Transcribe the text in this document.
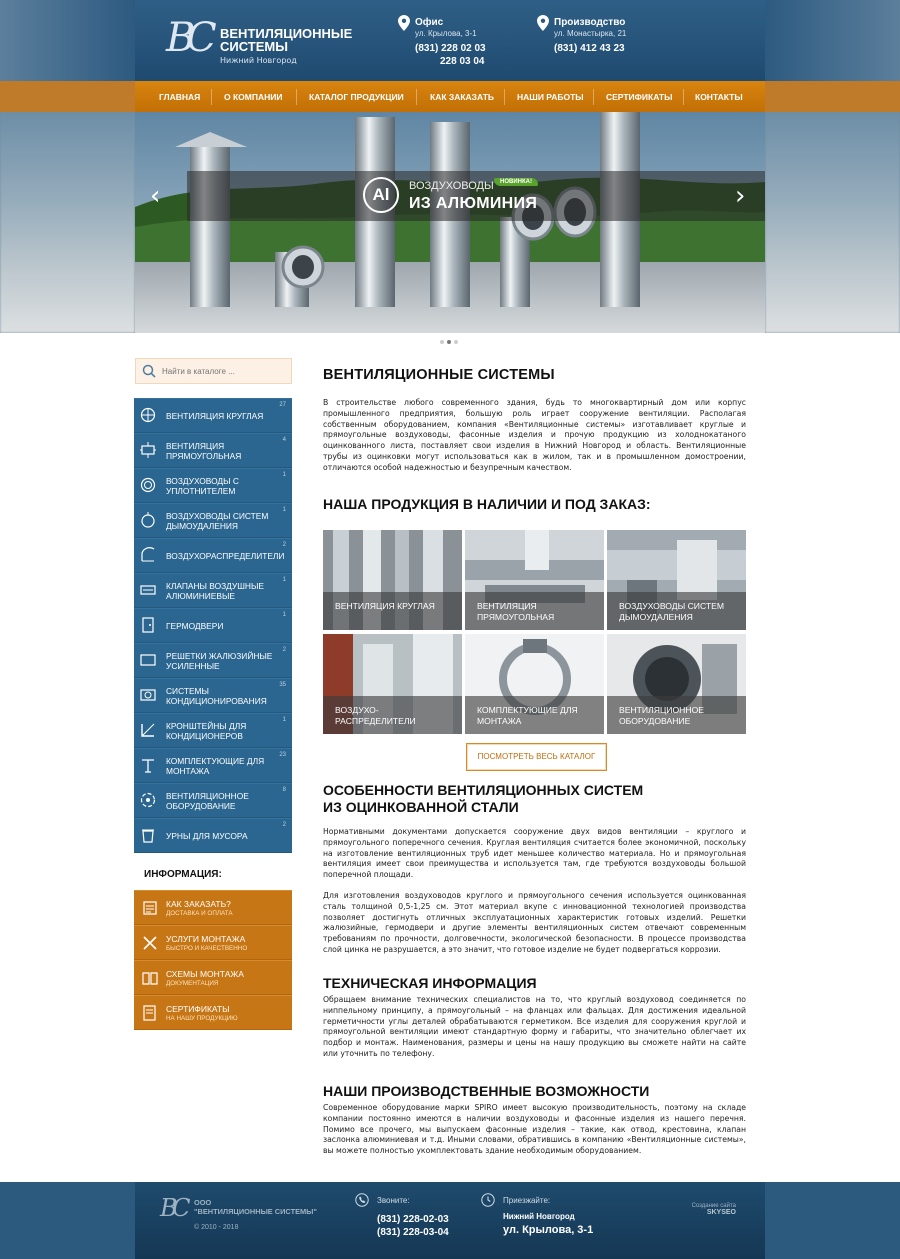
BC	ВЕНТИЛЯЦИОННЫЕ СИСТЕМЫ
Нижний Новгород
Офис
ул. Крылова, 3-1
(831) 228 02 03
228 03 04
Производство
ул. Монастырка, 21
(831) 412 43 23
ГЛАВНАЯ	О КОМПАНИИ	КАТАЛОГ ПРОДУКЦИИ	КАК ЗАКАЗАТЬ	НАШИ РАБОТЫ	СЕРТИФИКАТЫ	КОНТАКТЫ
‹	›
Al	ВОЗДУХОВОДЫ	НОВИНКА!
ИЗ АЛЮМИНИЯ
Найти в каталоге ...
ВЕНТИЛЯЦИЯ КРУГЛАЯ
27
ВЕНТИЛЯЦИЯ ПРЯМОУГОЛЬНАЯ
4
ВОЗДУХОВОДЫ С УПЛОТНИТЕЛЕМ
1
ВОЗДУХОВОДЫ СИСТЕМ ДЫМОУДАЛЕНИЯ
1
ВОЗДУХОРАСПРЕДЕЛИТЕЛИ
2
КЛАПАНЫ ВОЗДУШНЫЕ АЛЮМИНИЕВЫЕ
1
ГЕРМОДВЕРИ
1
РЕШЕТКИ ЖАЛЮЗИЙНЫЕ УСИЛЕННЫЕ
2
СИСТЕМЫ КОНДИЦИОНИРОВАНИЯ
35
КРОНШТЕЙНЫ ДЛЯ КОНДИЦИОНЕРОВ
1
КОМПЛЕКТУЮЩИЕ ДЛЯ МОНТАЖА
23
ВЕНТИЛЯЦИОННОЕ ОБОРУДОВАНИЕ
8
УРНЫ ДЛЯ МУСОРА
2
ИНФОРМАЦИЯ:
КАК ЗАКАЗАТЬ?
ДОСТАВКА И ОПЛАТА
УСЛУГИ МОНТАЖА
БЫСТРО И КАЧЕСТВЕННО
СХЕМЫ МОНТАЖА
ДОКУМЕНТАЦИЯ
СЕРТИФИКАТЫ
НА НАШУ ПРОДУКЦИЮ
ВЕНТИЛЯЦИОННЫЕ СИСТЕМЫ
В строительстве любого современного здания, будь то многоквартирный дом или корпус промышленного предприятия, большую роль играет сооружение вентиляции. Располагая собственным оборудованием, компания «Вентиляционные системы» изготавливает круглые и прямоугольные воздуховоды, фасонные изделия и прочую продукцию из холоднокатаного оцинкованного листа, поставляет свои изделия в Нижний Новгород и область. Вентиляционные трубы из оцинковки могут использоваться как в жилом, так и в промышленном домостроении, отличаются особой надежностью и безупречным качеством.
НАША ПРОДУКЦИЯ В НАЛИЧИИ И ПОД ЗАКАЗ:
ВЕНТИЛЯЦИЯ КРУГЛАЯ	ВЕНТИЛЯЦИЯ ПРЯМОУГОЛЬНАЯ
ВОЗДУХОВОДЫ СИСТЕМ ДЫМОУДАЛЕНИЯ
ВОЗДУХО-РАСПРЕДЕЛИТЕЛИ
КОМПЛЕКТУЮЩИЕ ДЛЯ МОНТАЖА
ВЕНТИЛЯЦИОННОЕ ОБОРУДОВАНИЕ
ПОСМОТРЕТЬ ВЕСЬ КАТАЛОГ
ОСОБЕННОСТИ ВЕНТИЛЯЦИОННЫХ СИСТЕМ ИЗ ОЦИНКОВАННОЙ СТАЛИ
Нормативными документами допускается сооружение двух видов вентиляции – круглого и прямоугольного поперечного сечения. Круглая вентиляция считается более экономичной, поскольку на изготовление вентиляционных труб идет меньшее количество материала. Но и прямоугольная вентиляция имеет свои преимущества и используется там, где требуются воздуховоды большой поперечной площади.
Для изготовления воздуховодов круглого и прямоугольного сечения используется оцинкованная сталь толщиной 0,5-1,25 см. Этот материал вкупе с инновационной технологией производства позволяет достигнуть отличных эксплуатационных характеристик готовых изделий. Решетки жалюзийные, гермодвери и другие элементы вентиляционных систем отвечают современным требованиям по прочности, долговечности, экологической безопасности. В процессе производства слой цинка не разрушается, а это значит, что готовое изделие не будет подвергаться коррозии.
ТЕХНИЧЕСКАЯ ИНФОРМАЦИЯ
Обращаем внимание технических специалистов на то, что круглый воздуховод соединяется по ниппельному принципу, а прямоугольный – на фланцах или фальцах. Для достижения идеальной герметичности углы деталей обрабатываются герметиком. Все изделия для сооружения круглой и прямоугольной вентиляции имеют стандартную форму и габариты, что значительно облегчает их подбор и монтаж. Наименования, размеры и цены на нашу продукцию вы сможете найти на сайте или уточнить по телефону.
НАШИ ПРОИЗВОДСТВЕННЫЕ ВОЗМОЖНОСТИ
Современное оборудование марки SPIRO имеет высокую производительность, поэтому на складе компании постоянно имеются в наличии воздуховоды и фасонные изделия из нашего перечня. Помимо все прочего, мы выпускаем фасонные изделия – такие, как отвод, крестовина, клапан заслонка алюминиевая и т.д. Иными словами, обратившись в компанию «Вентиляционные системы», вы можете полностью укомплектовать здание необходимым оборудованием.
BC	ООО
"ВЕНТИЛЯЦИОННЫЕ СИСТЕМЫ"
© 2010 - 2018
Звоните:
(831) 228-02-03
(831) 228-03-04
Приезжайте:
Нижний Новгород
ул. Крылова, 3-1
Создание сайта
SKYSEO
